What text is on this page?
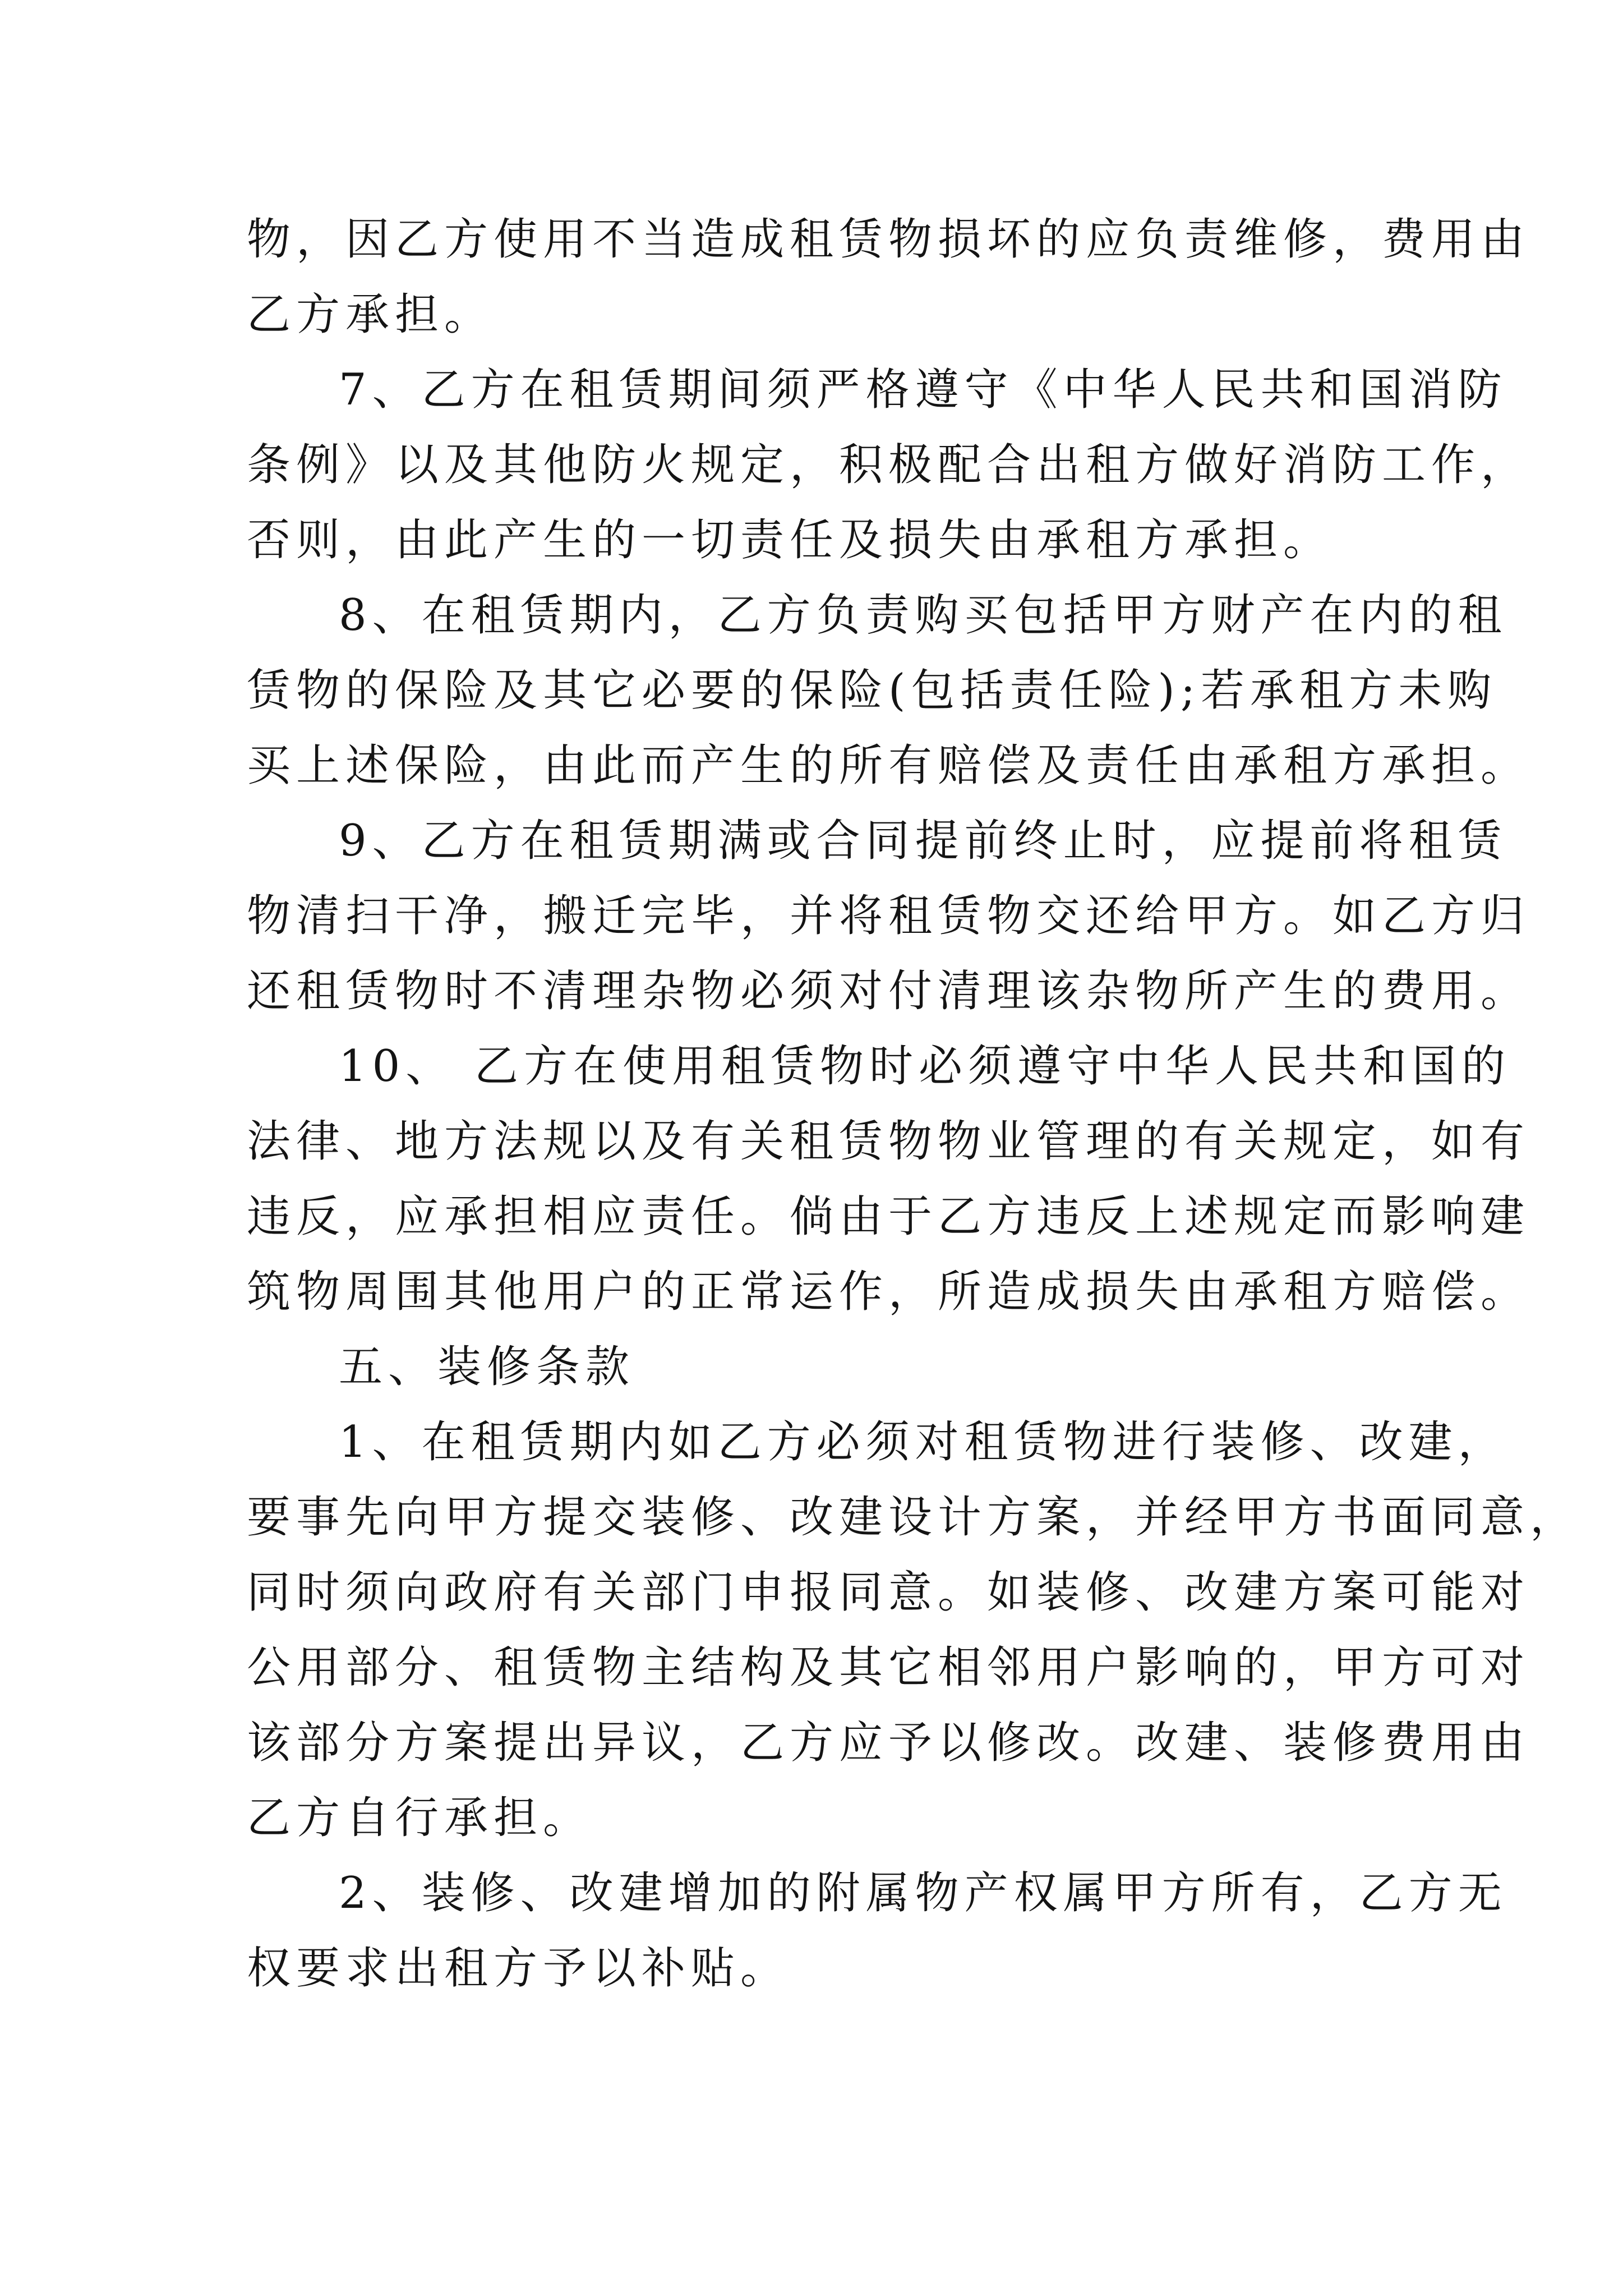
物，因乙方使用不当造成租赁物损坏的应负责维修，费用由
乙方承担。
7、乙方在租赁期间须严格遵守《中华人民共和国消防
条例》以及其他防火规定，积极配合出租方做好消防工作，
否则，由此产生的一切责任及损失由承租方承担。
8、在租赁期内，乙方负责购买包括甲方财产在内的租
赁物的保险及其它必要的保险(包括责任险);若承租方未购
买上述保险，由此而产生的所有赔偿及责任由承租方承担。
9、乙方在租赁期满或合同提前终止时，应提前将租赁
物清扫干净，搬迁完毕，并将租赁物交还给甲方。如乙方归
还租赁物时不清理杂物必须对付清理该杂物所产生的费用。
10、 乙方在使用租赁物时必须遵守中华人民共和国的
法律、地方法规以及有关租赁物物业管理的有关规定，如有
违反，应承担相应责任。倘由于乙方违反上述规定而影响建
筑物周围其他用户的正常运作，所造成损失由承租方赔偿。
五、装修条款
1、在租赁期内如乙方必须对租赁物进行装修、改建，
要事先向甲方提交装修、改建设计方案，并经甲方书面同意，
同时须向政府有关部门申报同意。如装修、改建方案可能对
公用部分、租赁物主结构及其它相邻用户影响的，甲方可对
该部分方案提出异议，乙方应予以修改。改建、装修费用由
乙方自行承担。
2、装修、改建增加的附属物产权属甲方所有，乙方无
权要求出租方予以补贴。
